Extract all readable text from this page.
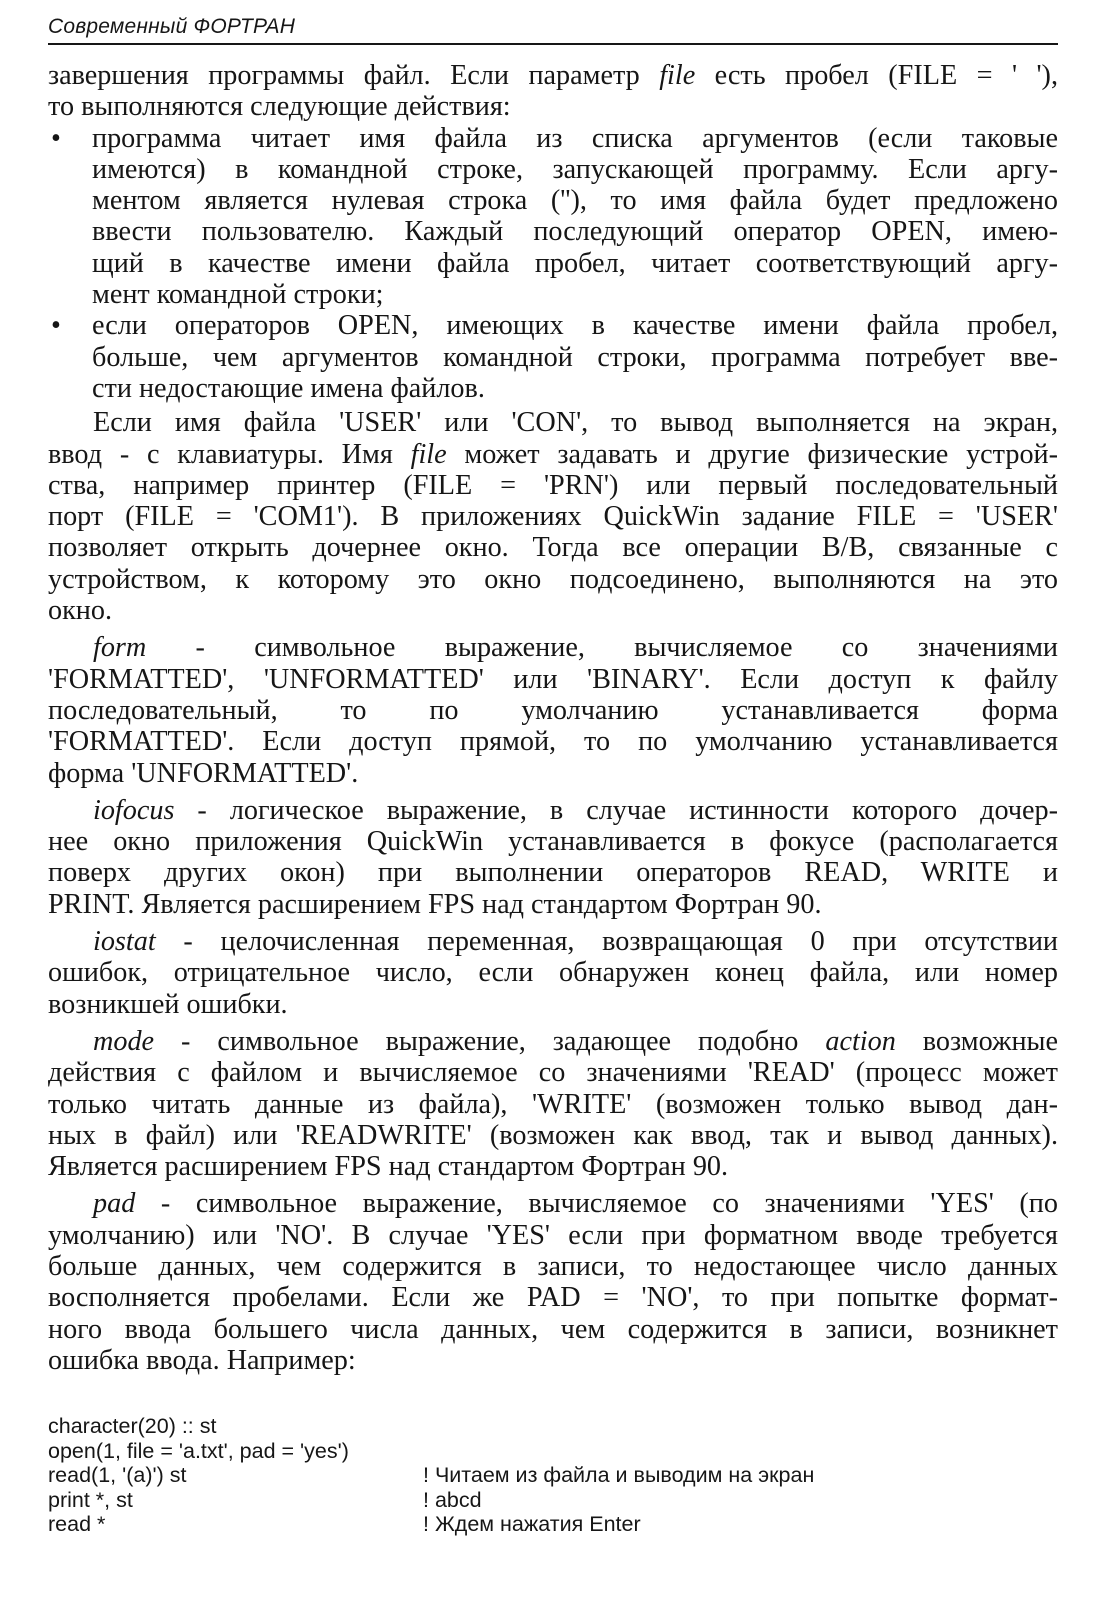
Современный ФОРТРАН
завершения программы файл. Если параметр file есть пробел (FILE = ' '),
то выполняются следующие действия:
• программа читает имя файла из списка аргументов (если таковые
имеются) в командной строке, запускающей программу. Если аргу-
ментом является нулевая строка (''), то имя файла будет предложено
ввести пользователю. Каждый последующий оператор OPEN, имею-
щий в качестве имени файла пробел, читает соответствующий аргу-
мент командной строки;
• если операторов OPEN, имеющих в качестве имени файла пробел,
больше, чем аргументов командной строки, программа потребует вве-
сти недостающие имена файлов.
Если имя файла 'USER' или 'CON', то вывод выполняется на экран,
ввод - с клавиатуры. Имя file может задавать и другие физические устрой-
ства, например принтер (FILE = 'PRN') или первый последовательный
порт (FILE = 'COM1'). В приложениях QuickWin задание FILE = 'USER'
позволяет открыть дочернее окно. Тогда все операции В/В, связанные с
устройством, к которому это окно подсоединено, выполняются на это
окно.
form - символьное выражение, вычисляемое со значениями
'FORMATTED', 'UNFORMATTED' или 'BINARY'. Если доступ к файлу
последовательный, то по умолчанию устанавливается форма
'FORMATTED'. Если доступ прямой, то по умолчанию устанавливается
форма 'UNFORMATTED'.
iofocus - логическое выражение, в случае истинности которого дочер-
нее окно приложения QuickWin устанавливается в фокусе (располагается
поверх других окон) при выполнении операторов READ, WRITE и
PRINT. Является расширением FPS над стандартом Фортран 90.
iostat - целочисленная переменная, возвращающая 0 при отсутствии
ошибок, отрицательное число, если обнаружен конец файла, или номер
возникшей ошибки.
mode - символьное выражение, задающее подобно action возможные
действия с файлом и вычисляемое со значениями 'READ' (процесс может
только читать данные из файла), 'WRITE' (возможен только вывод дан-
ных в файл) или 'READWRITE' (возможен как ввод, так и вывод данных).
Является расширением FPS над стандартом Фортран 90.
pad - символьное выражение, вычисляемое со значениями 'YES' (по
умолчанию) или 'NO'. В случае 'YES' если при форматном вводе требуется
больше данных, чем содержится в записи, то недостающее число данных
восполняется пробелами. Если же PAD = 'NO', то при попытке формат-
ного ввода большего числа данных, чем содержится в записи, возникнет
ошибка ввода. Например:
character(20) :: st
open(1, file = 'a.txt', pad = 'yes')
read(1, '(a)') st	! Читаем из файла и выводим на экран
print *, st	! abcd
read *	! Ждем нажатия Enter
